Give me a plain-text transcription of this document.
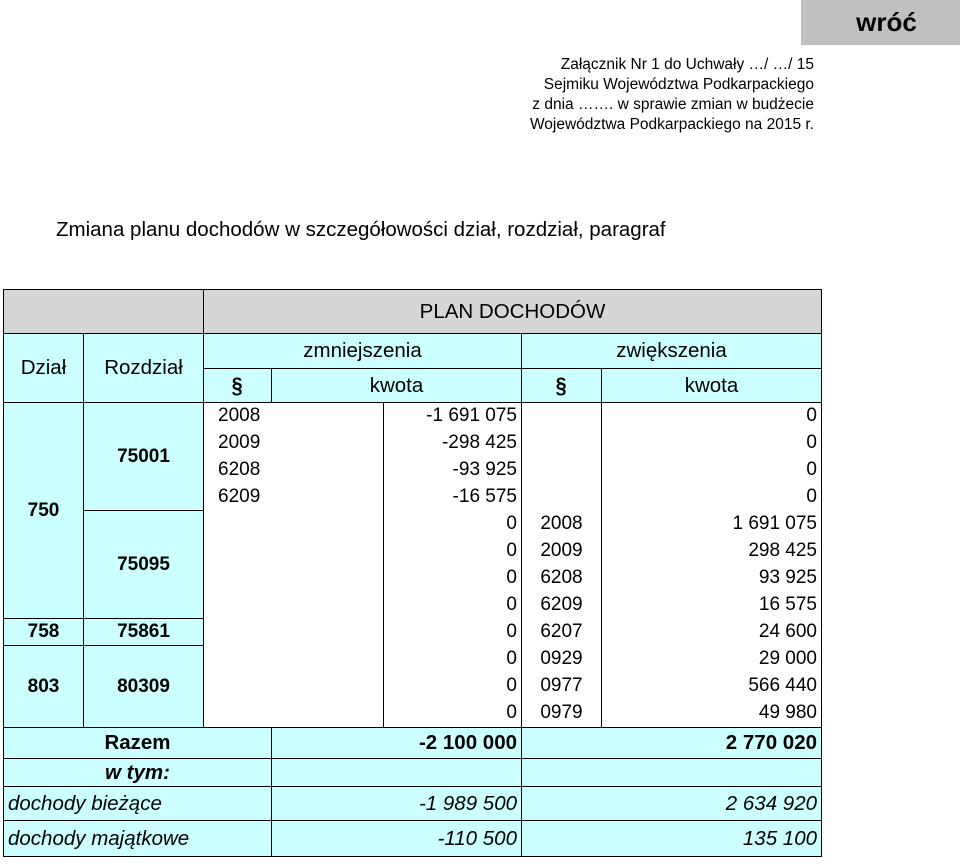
wróć
Załącznik Nr 1 do Uchwały …/ …/ 15
Sejmiku Województwa Podkarpackiego
z dnia ……. w sprawie zmian w budżecie
Województwa Podkarpackiego na 2015 r.
Zmiana planu dochodów w szczegółowości dział, rozdział, paragraf
		PLAN DOCHODÓW				
Dział	Rozdział	zmniejszenia			zwiększenia	
		§	kwota		§	kwota
750	75001	2008		-1 691 075		0
		2009		-298 425		0
		6208		-93 925		0
		6209		-16 575		0
	75095			0	2008	1 691 075
				0	2009	298 425
				0	6208	93 925
				0	6209	16 575
758	75861			0	6207	24 600
803	80309			0	0929	29 000
				0	0977	566 440
				0	0979	49 980
Razem			-2 100 000		2 770 020	
w tym:						
dochody bieżące			-1 989 500		2 634 920	
dochody majątkowe			-110 500		135 100	
